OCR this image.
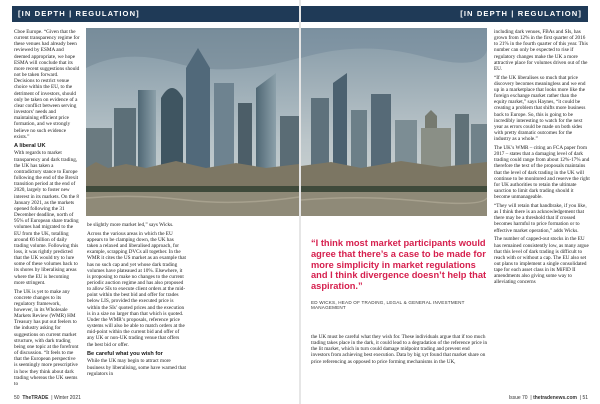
[IN DEPTH | REGULATION]

Cboe Europe. “Given that the current transparency regime for these venues had already been reviewed by ESMA and deemed appropriate, we hope ESMA will conclude that its more recent suggestions should not be taken forward. Decisions to restrict venue choice within the EU, to the detriment of investors, should only be taken on evidence of a clear conflict between serving investors’ needs and maintaining efficient price formation, and we strongly believe no such evidence exists.”

A liberal UK

With regards to market transparency and dark trading, the UK has taken a contradictory stance to Europe following the end of the Brexit transition period at the end of 2020, largely to foster new interest in its markets. On the 8 January 2021, as the markets opened following the 31 December deadline, north of 95% of European share trading volumes had migrated to the EU from the UK, totalling around €6 billion of daily trading volume. Following this loss, it was rightly predicted that the UK would try to lure some of these volumes back to its shores by liberalising areas where the EU is becoming more stringent.

The UK is yet to make any concrete changes to its regulatory framework, however, in its Wholesale Markets Review (WMR) HM Treasury has put out feelers to the industry asking for suggestions on current market structure, with dark trading being one topic at the forefront of discussion. “It feels to me that the European perspective is seemingly more prescriptive in how they think about dark trading whereas the UK seems to

be slightly more market led,” says Wicks.

Across the various areas in which the EU appears to be clamping down, the UK has taken a relaxed and liberalised approach, for example, scrapping DVCs all together. In the WMR it cites the US market as an example that has no such cap and yet whose dark trading volumes have plateaued at 10%. Elsewhere, it is proposing to make no changes to the current periodic auction regime and has also proposed to allow SIs to execute client orders at the mid-point within the best bid and offer for trades below LIS, provided the executed price is within the SIs’ quoted prices and the execution is in a size no larger than that which is quoted. Under the WMR’s proposals, reference price systems will also be able to match orders at the mid-point within the current bid and offer of any UK or non-UK trading venue that offers the best bid or offer.

Be careful what you wish for

While the UK may begin to attract more business by liberalising, some have warned that regulators in

50 TheTRADE  | Winter 2021
[IN DEPTH | REGULATION]
“I think most market participants would agree that there’s a case to be made for more simplicity in market regulations and I think divergence doesn’t help that aspiration.”
ED WICKS, HEAD OF TRADING, LEGAL & GENERAL INVESTMENT MANAGEMENT

the UK must be careful what they wish for. These individuals argue that if too much trading takes place in the dark, it could lead to a degradation of the reference price in the lit market, which in turn could damage midpoint trading and prevent end investors from achieving best execution. Data by big xyt found that market share on price referencing as opposed to price forming mechanisms in the UK,

including dark venues, FBAs and SIs, has grown from 12% in the first quarter of 2016 to 21% in the fourth quarter of this year. This number can only be expected to rise if regulatory changes make the UK a more attractive place for volumes driven out of the EU.

“If the UK liberalises so much that price discovery becomes meaningless and we end up in a marketplace that looks more like the foreign exchange market rather than the equity market,” says Haynes, “it could be creating a problem that shifts more business back to Europe. So, this is going to be incredibly interesting to watch for the next year as errors could be made on both sides with pretty dramatic outcomes for the industry as a whole.”

The UK’s WMR – citing an FCA paper from 2017 – states that a damaging level of dark trading could range from about 12%-17% and therefore the text of the proposals maintains that the level of dark trading in the UK will continue to be monitored and reserve the right for UK authorities to retain the ultimate sanction to limit dark trading should it become unmanageable.

“They will retain that handbrake, if you like, as I think there is an acknowledgement that there may be a threshold that if crossed becomes harmful to price formation or to effective market operation,” adds Wicks.

The number of capped-out stocks in the EU has remained consistently low, as many argue that this level of dark trading is difficult to reach with or without a cap. The EU also set out plans to implement a single consolidated tape for each asset class in its MiFID II amendments also giving some way to alleviating concerns

Issue 70  | thetradenews.com  | 51
